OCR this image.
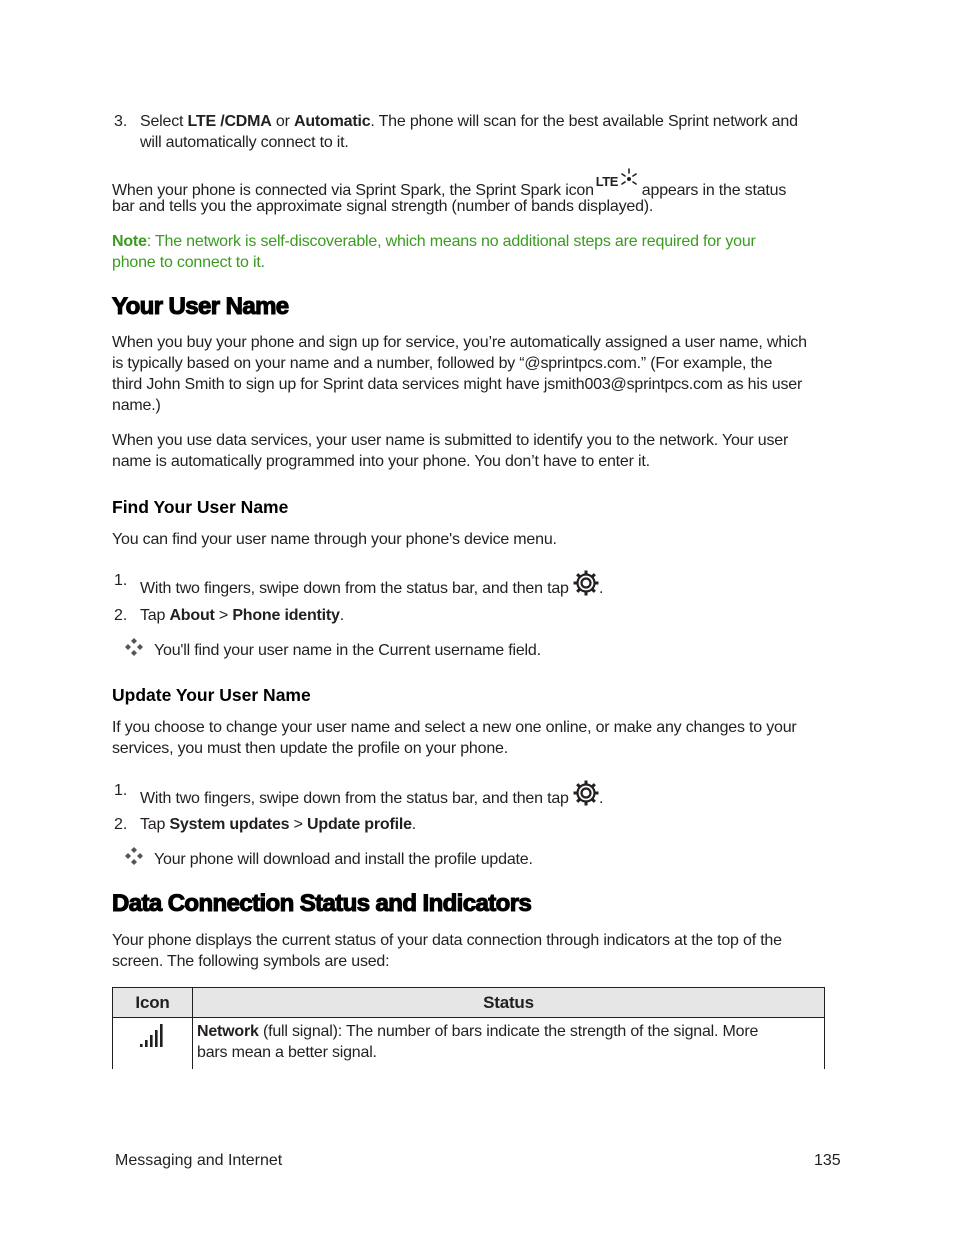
3. Select LTE /CDMA or Automatic. The phone will scan for the best available Sprint network and

will automatically connect to it.

When your phone is connected via Sprint Spark, the Sprint Spark icon
LTE
appears in the status

bar and tells you the approximate signal strength (number of bands displayed).

Note: The network is self-discoverable, which means no additional steps are required for your

phone to connect to it.

Your User Name

When you buy your phone and sign up for service, you’re automatically assigned a user name, which

is typically based on your name and a number, followed by “@sprintpcs.com.” (For example, the

third John Smith to sign up for Sprint data services might have jsmith003@sprintpcs.com as his user

name.)

When you use data services, your user name is submitted to identify you to the network. Your user

name is automatically programmed into your phone. You don’t have to enter it.

Find Your User Name

You can find your user name through your phone's device menu.

1. With two fingers, swipe down from the status bar, and then tap .

2. Tap About > Phone identity.

You'll find your user name in the Current username field.

Update Your User Name

If you choose to change your user name and select a new one online, or make any changes to your

services, you must then update the profile on your phone.

1. With two fingers, swipe down from the status bar, and then tap .

2. Tap System updates > Update profile.

Your phone will download and install the profile update.

Data Connection Status and Indicators

Your phone displays the current status of your data connection through indicators at the top of the

screen. The following symbols are used:

Icon	Status

Network (full signal): The number of bars indicate the strength of the signal. More
bars mean a better signal.
Messaging and Internet	135
